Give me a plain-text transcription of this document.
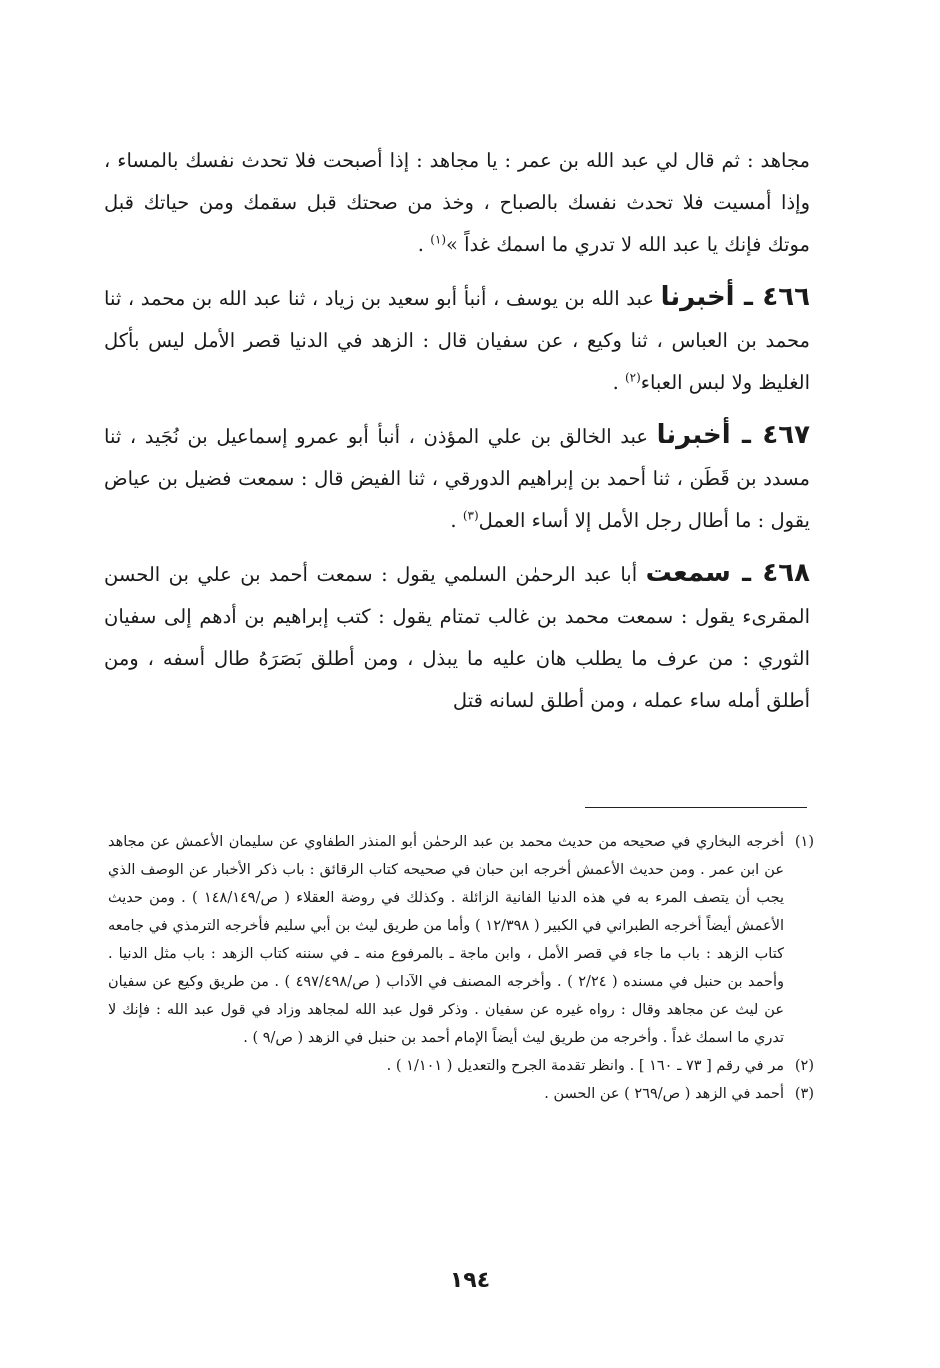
مجاهد : ثم قال لي عبد الله بن عمر : يا مجاهد : إذا أصبحت فلا تحدث نفسك بالمساء ، وإذا أمسيت فلا تحدث نفسك بالصباح ، وخذ من صحتك قبل سقمك ومن حياتك قبل موتك فإنك يا عبد الله لا تدري ما اسمك غداً »$^{(١)}$ .

٤٦٦ ـ أخبرنا عبد الله بن يوسف ، أنبأ أبو سعيد بن زياد ، ثنا عبد الله بن محمد ، ثنا محمد بن العباس ، ثنا وكيع ، عن سفيان قال : الزهد في الدنيا قصر الأمل ليس بأكل الغليظ ولا لبس العباء$^{(٢)}$ .

٤٦٧ ـ أخبرنا عبد الخالق بن علي المؤذن ، أنبأ أبو عمرو إسماعيل بن نُجَيد ، ثنا مسدد بن قَطَن ، ثنا أحمد بن إبراهيم الدورقي ، ثنا الفيض قال : سمعت فضيل بن عياض يقول : ما أطال رجل الأمل إلا أساء العمل$^{(٣)}$ .

٤٦٨ ـ سمعت أبا عبد الرحمٰن السلمي يقول : سمعت أحمد بن علي بن الحسن المقرىء يقول : سمعت محمد بن غالب تمتام يقول : كتب إبراهيم بن أدهم إلى سفيان الثوري : من عرف ما يطلب هان عليه ما يبذل ، ومن أطلق بَصَرَهُ طال أسفه ، ومن أطلق أمله ساء عمله ، ومن أطلق لسانه قتل

(١)
أخرجه البخاري في صحيحه من حديث محمد بن عبد الرحمٰن أبو المنذر الطفاوي عن سليمان الأعمش عن مجاهد عن ابن عمر . ومن حديث الأعمش أخرجه ابن حبان في صحيحه كتاب الرقائق : باب ذكر الأخبار عن الوصف الذي يجب أن يتصف المرء به في هذه الدنيا الفانية الزائلة . وكذلك في روضة العقلاء ( ص/١٤٨/١٤٩ ) . ومن حديث الأعمش أيضاً أخرجه الطبراني في الكبير ( ١٢/٣٩٨ ) وأما من طريق ليث بن أبي سليم فأخرجه الترمذي في جامعه كتاب الزهد : باب ما جاء في قصر الأمل ، وابن ماجة ـ بالمرفوع منه ـ في سننه كتاب الزهد : باب مثل الدنيا . وأحمد بن حنبل في مسنده ( ٢/٢٤ ) . وأخرجه المصنف في الآداب ( ص/٤٩٧/٤٩٨ ) . من طريق وكيع عن سفيان عن ليث عن مجاهد وقال : رواه غيره عن سفيان . وذكر قول عبد الله لمجاهد وزاد في قول عبد الله : فإنك لا تدري ما اسمك غداً . وأخرجه من طريق ليث أيضاً الإمام أحمد بن حنبل في الزهد ( ص/٩ ) .

(٢)
مر في رقم [ ٧٣ ـ ١٦٠ ] . وانظر تقدمة الجرح والتعديل ( ١/١٠١ ) .

(٣)
أحمد في الزهد ( ص/٢٦٩ ) عن الحسن .

١٩٤
